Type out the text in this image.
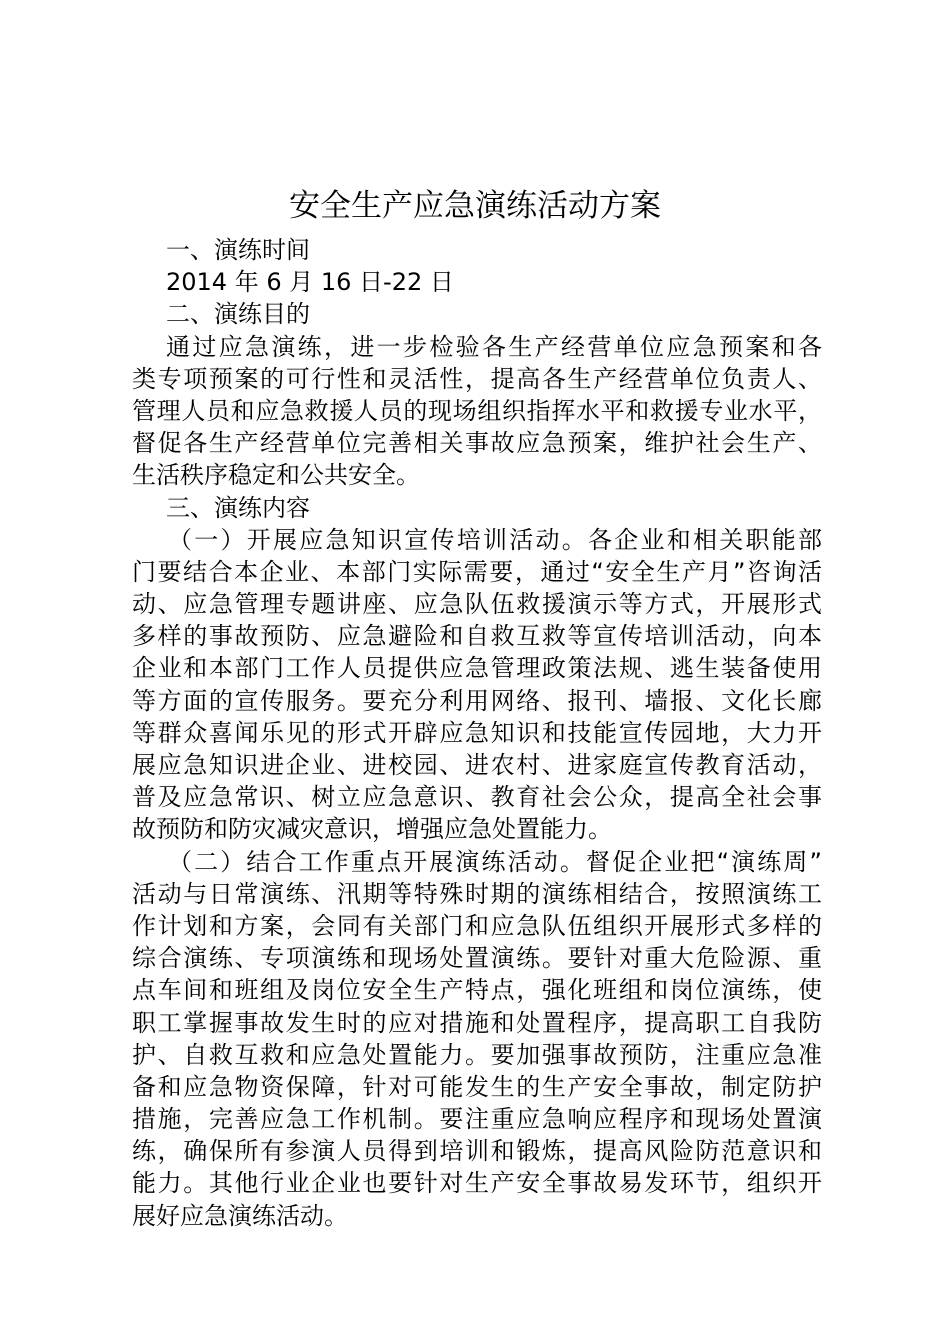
安全生产应急演练活动方案
一、演练时间
2014 年 6 月 16 日-22 日
二、演练目的
通过应急演练，进一步检验各生产经营单位应急预案和各
类专项预案的可行性和灵活性，提高各生产经营单位负责人、
管理人员和应急救援人员的现场组织指挥水平和救援专业水平，
督促各生产经营单位完善相关事故应急预案，维护社会生产、
生活秩序稳定和公共安全。
三、演练内容
（一）开展应急知识宣传培训活动。各企业和相关职能部
门要结合本企业、本部门实际需要，通过“安全生产月”咨询活
动、应急管理专题讲座、应急队伍救援演示等方式，开展形式
多样的事故预防、应急避险和自救互救等宣传培训活动，向本
企业和本部门工作人员提供应急管理政策法规、逃生装备使用
等方面的宣传服务。要充分利用网络、报刊、墙报、文化长廊
等群众喜闻乐见的形式开辟应急知识和技能宣传园地，大力开
展应急知识进企业、进校园、进农村、进家庭宣传教育活动，
普及应急常识、树立应急意识、教育社会公众，提高全社会事
故预防和防灾减灾意识，增强应急处置能力。
（二）结合工作重点开展演练活动。督促企业把“演练周”
活动与日常演练、汛期等特殊时期的演练相结合，按照演练工
作计划和方案，会同有关部门和应急队伍组织开展形式多样的
综合演练、专项演练和现场处置演练。要针对重大危险源、重
点车间和班组及岗位安全生产特点，强化班组和岗位演练，使
职工掌握事故发生时的应对措施和处置程序，提高职工自我防
护、自救互救和应急处置能力。要加强事故预防，注重应急准
备和应急物资保障，针对可能发生的生产安全事故，制定防护
措施，完善应急工作机制。要注重应急响应程序和现场处置演
练，确保所有参演人员得到培训和锻炼，提高风险防范意识和
能力。其他行业企业也要针对生产安全事故易发环节，组织开
展好应急演练活动。
